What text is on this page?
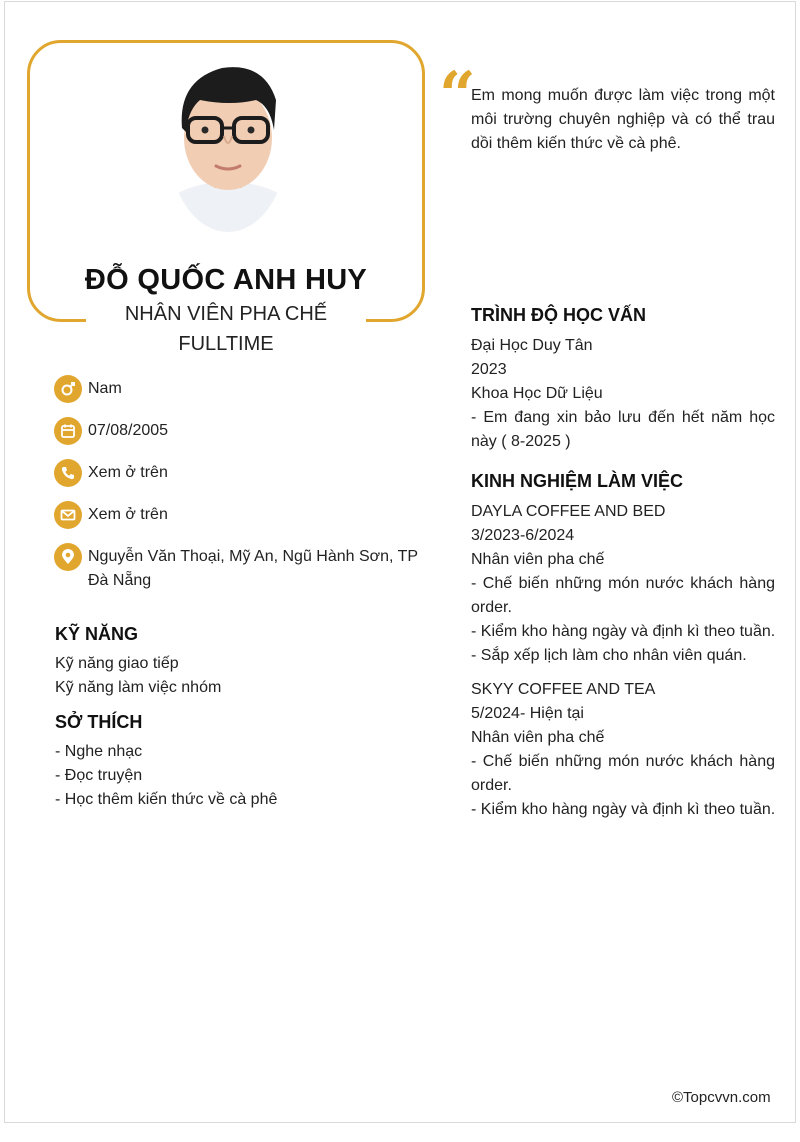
ĐỖ QUỐC ANH HUY
NHÂN VIÊN PHA CHẾ
FULLTIME
“
Em mong muốn được làm việc trong một môi trường chuyên nghiệp và có thể trau dồi thêm kiến thức về cà phê.
Nam
07/08/2005
Xem ở trên
Xem ở trên
Nguyễn Văn Thoại, Mỹ An, Ngũ Hành Sơn, TP Đà Nẵng
KỸ NĂNG
Kỹ năng giao tiếp
Kỹ năng làm việc nhóm
SỞ THÍCH
- Nghe nhạc
- Đọc truyện
- Học thêm kiến thức về cà phê
TRÌNH ĐỘ HỌC VẤN
Đại Học Duy Tân
2023
Khoa Học Dữ Liệu
- Em đang xin bảo lưu đến hết năm học này ( 8-2025 )
KINH NGHIỆM LÀM VIỆC
DAYLA COFFEE AND BED
3/2023-6/2024
Nhân viên pha chế
- Chế biến những món nước khách hàng order.
- Kiểm kho hàng ngày và định kì theo tuần.
- Sắp xếp lịch làm cho nhân viên quán.
SKYY COFFEE AND TEA
5/2024- Hiện tại
Nhân viên pha chế
- Chế biến những món nước khách hàng order.
- Kiểm kho hàng ngày và định kì theo tuần.
©Topcvvn.com
